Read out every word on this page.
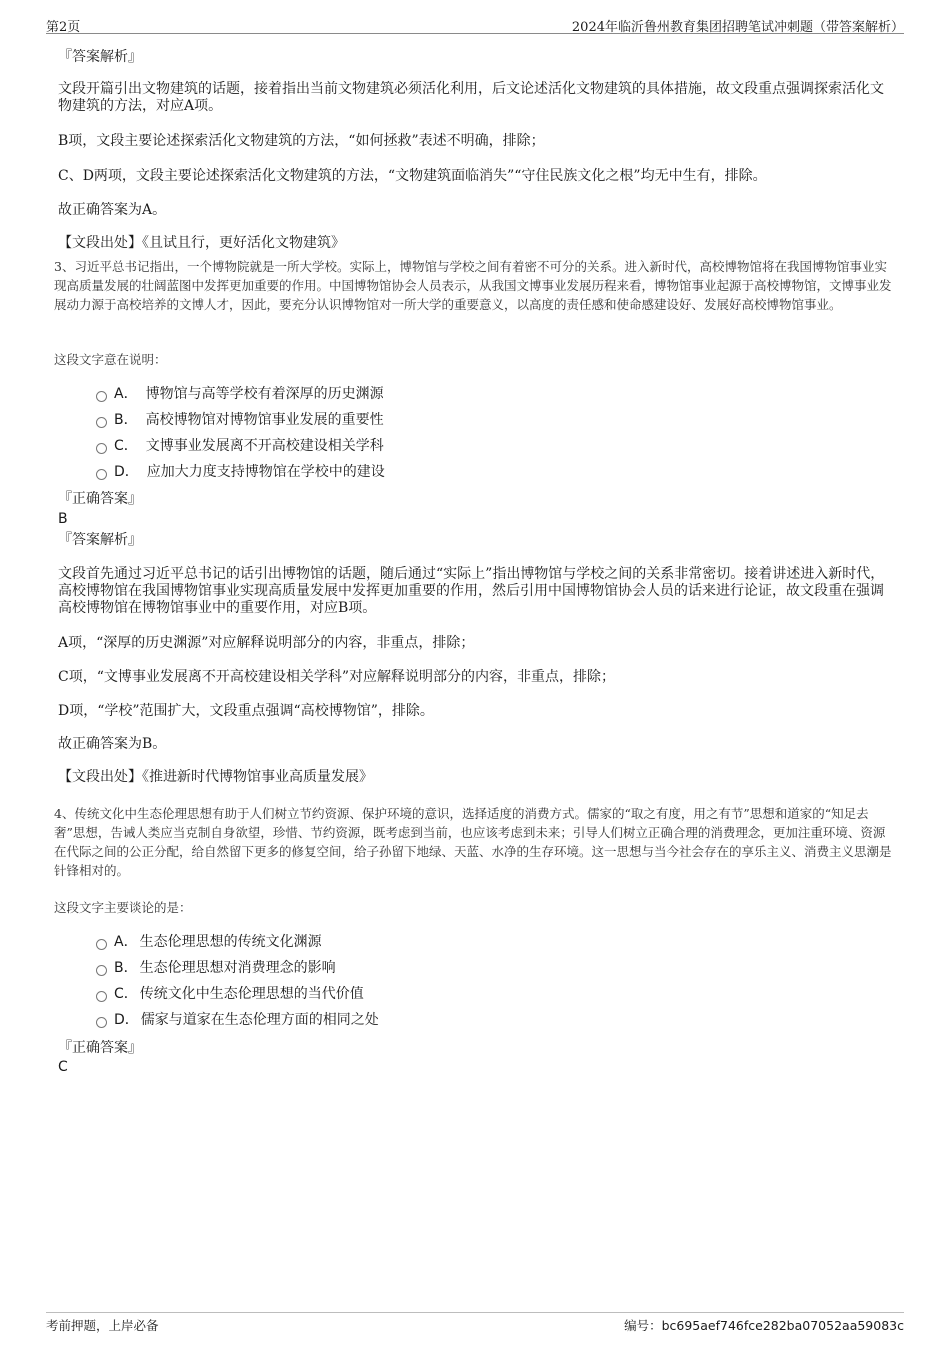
第2页	2024年临沂鲁州教育集团招聘笔试冲刺题（带答案解析）
『答案解析』
文段开篇引出文物建筑的话题，接着指出当前文物建筑必须活化利用，后文论述活化文物建筑的具体措施，故文段重点强调探索活化文物建筑的方法，对应A项。
B项，文段主要论述探索活化文物建筑的方法，“如何拯救”表述不明确，排除；
C、D两项，文段主要论述探索活化文物建筑的方法，“文物建筑面临消失”“守住民族文化之根”均无中生有，排除。
故正确答案为A。
【文段出处】《且试且行，更好活化文物建筑》
3、习近平总书记指出，一个博物院就是一所大学校。实际上，博物馆与学校之间有着密不可分的关系。进入新时代，高校博物馆将在我国博物馆事业实现高质量发展的壮阔蓝图中发挥更加重要的作用。中国博物馆协会人员表示，从我国文博事业发展历程来看，博物馆事业起源于高校博物馆，文博事业发展动力源于高校培养的文博人才，因此，要充分认识博物馆对一所大学的重要意义，以高度的责任感和使命感建设好、发展好高校博物馆事业。
这段文字意在说明：
A． 博物馆与高等学校有着深厚的历史渊源
B． 高校博物馆对博物馆事业发展的重要性
C． 文博事业发展离不开高校建设相关学科
D． 应加大力度支持博物馆在学校中的建设
『正确答案』
B
『答案解析』
文段首先通过习近平总书记的话引出博物馆的话题，随后通过“实际上”指出博物馆与学校之间的关系非常密切。接着讲述进入新时代，高校博物馆在我国博物馆事业实现高质量发展中发挥更加重要的作用，然后引用中国博物馆协会人员的话来进行论证，故文段重在强调高校博物馆在博物馆事业中的重要作用，对应B项。
A项，“深厚的历史渊源”对应解释说明部分的内容，非重点，排除；
C项，“文博事业发展离不开高校建设相关学科”对应解释说明部分的内容，非重点，排除；
D项，“学校”范围扩大，文段重点强调“高校博物馆”，排除。
故正确答案为B。
【文段出处】《推进新时代博物馆事业高质量发展》
4、传统文化中生态伦理思想有助于人们树立节约资源、保护环境的意识，选择适度的消费方式。儒家的“取之有度，用之有节”思想和道家的“知足去奢”思想，告诫人类应当克制自身欲望，珍惜、节约资源，既考虑到当前，也应该考虑到未来；引导人们树立正确合理的消费理念，更加注重环境、资源在代际之间的公正分配，给自然留下更多的修复空间，给子孙留下地绿、天蓝、水净的生存环境。这一思想与当今社会存在的享乐主义、消费主义思潮是针锋相对的。
这段文字主要谈论的是：
A． 生态伦理思想的传统文化渊源
B． 生态伦理思想对消费理念的影响
C． 传统文化中生态伦理思想的当代价值
D． 儒家与道家在生态伦理方面的相同之处
『正确答案』
C
考前押题，上岸必备	编号：bc695aef746fce282ba07052aa59083c
